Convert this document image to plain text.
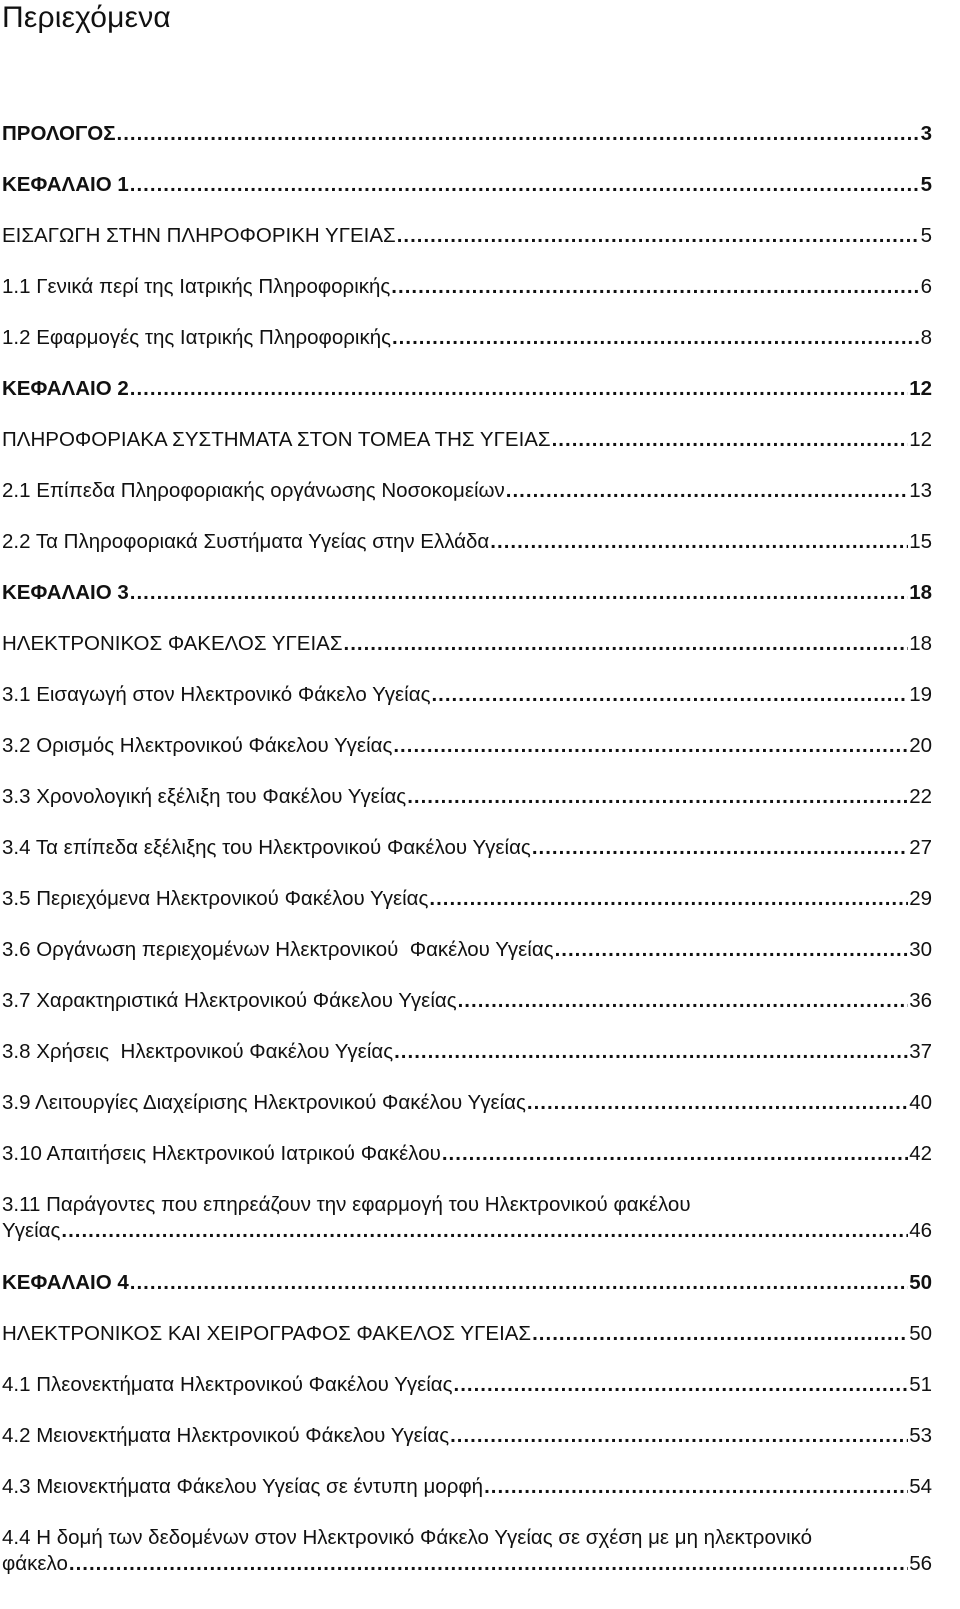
Περιεχόμενα
ΠΡΟΛΟΓΟΣ .....	3
ΚΕΦΑΛΑΙΟ 1 .....	5
ΕΙΣΑΓΩΓΗ ΣΤΗΝ ΠΛΗΡΟΦΟΡΙΚΗ ΥΓΕΙΑΣ .....	5
1.1 Γενικά περί της Ιατρικής Πληροφορικής .....	6
1.2 Εφαρμογές της Ιατρικής Πληροφορικής .....	8
ΚΕΦΑΛΑΙΟ 2 .....	12
ΠΛΗΡΟΦΟΡΙΑΚΑ ΣΥΣΤΗΜΑΤΑ ΣΤΟΝ ΤΟΜΕΑ ΤΗΣ ΥΓΕΙΑΣ .....	12
2.1 Επίπεδα Πληροφοριακής οργάνωσης Νοσοκομείων .....	13
2.2 Τα Πληροφοριακά Συστήματα Υγείας στην Ελλάδα .....	15
ΚΕΦΑΛΑΙΟ 3 .....	18
ΗΛΕΚΤΡΟΝΙΚΟΣ ΦΑΚΕΛΟΣ ΥΓΕΙΑΣ .....	18
3.1 Εισαγωγή στον Ηλεκτρονικό Φάκελο Υγείας .....	19
3.2 Ορισμός Ηλεκτρονικού Φάκελου Υγείας .....	20
3.3 Χρονολογική εξέλιξη του Φακέλου Υγείας .....	22
3.4 Τα επίπεδα εξέλιξης του Ηλεκτρονικού Φακέλου Υγείας .....	27
3.5 Περιεχόμενα Ηλεκτρονικού Φακέλου Υγείας .....	29
3.6 Οργάνωση περιεχομένων Ηλεκτρονικού  Φακέλου Υγείας .....	30
3.7 Χαρακτηριστικά Ηλεκτρονικού Φάκελου Υγείας .....	36
3.8 Χρήσεις  Ηλεκτρονικού Φακέλου Υγείας .....	37
3.9 Λειτουργίες Διαχείρισης Ηλεκτρονικού Φακέλου Υγείας .....	40
3.10 Απαιτήσεις Ηλεκτρονικού Ιατρικού Φακέλου .....	42
3.11 Παράγοντες που επηρεάζουν την εφαρμογή του Ηλεκτρονικού φακέλου
Υγείας .....	46
ΚΕΦΑΛΑΙΟ 4 .....	50
ΗΛΕΚΤΡΟΝΙΚΟΣ ΚΑΙ ΧΕΙΡΟΓΡΑΦΟΣ ΦΑΚΕΛΟΣ ΥΓΕΙΑΣ .....	50
4.1 Πλεονεκτήματα Ηλεκτρονικού Φακέλου Υγείας .....	51
4.2 Μειονεκτήματα Ηλεκτρονικού Φάκελου Υγείας .....	53
4.3 Μειονεκτήματα Φάκελου Υγείας σε έντυπη μορφή .....	54
4.4 Η δομή των δεδομένων στον Ηλεκτρονικό Φάκελο Υγείας σε σχέση με μη ηλεκτρονικό
φάκελο .....	56
